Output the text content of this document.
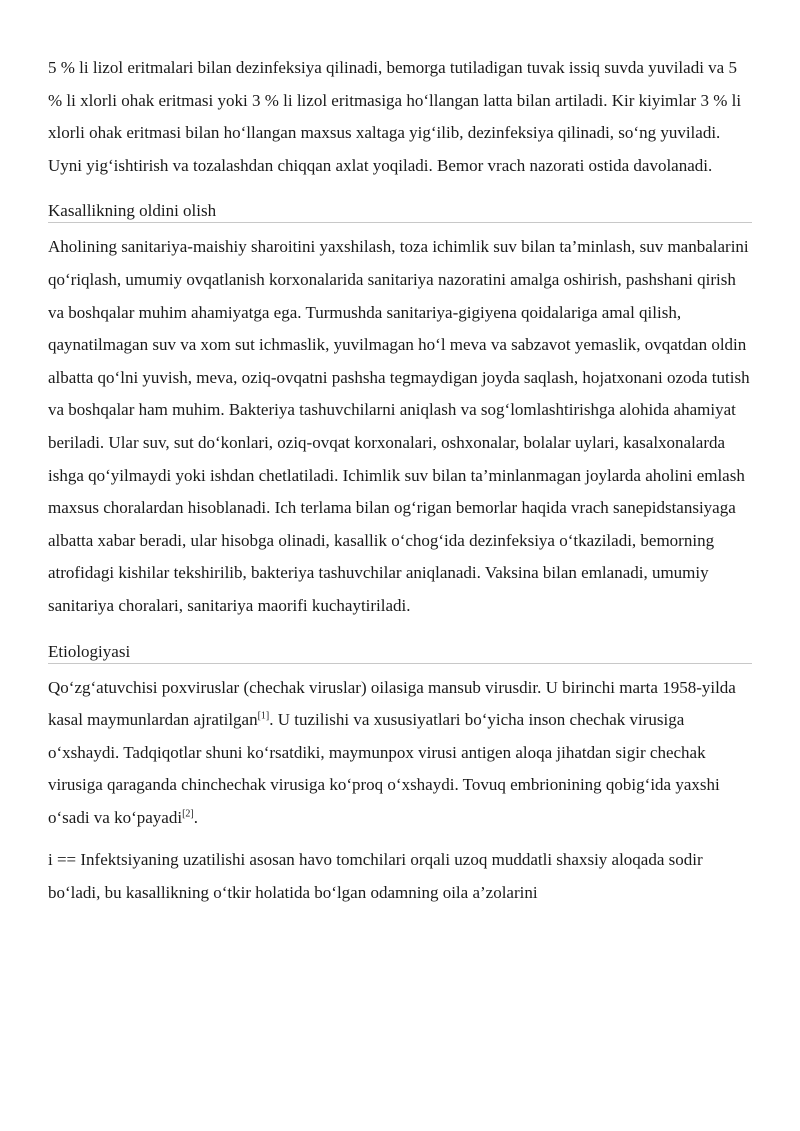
5 % li lizol eritmalari bilan dezinfeksiya qilinadi, bemorga tutiladigan tuvak issiq suvda yuviladi va 5 % li xlorli ohak eritmasi yoki 3 % li lizol eritmasiga ho‘llangan latta bilan artiladi. Kir kiyimlar 3 % li xlorli ohak eritmasi bilan ho‘llangan maxsus xaltaga yig‘ilib, dezinfeksiya qilinadi, so‘ng yuviladi. Uyni yig‘ishtirish va tozalashdan chiqqan axlat yoqiladi. Bemor vrach nazorati ostida davolanadi.

Kasallikning oldini olish

Aholining sanitariya-maishiy sharoitini yaxshilash, toza ichimlik suv bilan ta’minlash, suv manbalarini qo‘riqlash, umumiy ovqatlanish korxonalarida sanitariya nazoratini amalga oshirish, pashshani qirish va boshqalar muhim ahamiyatga ega. Turmushda sanitariya-gigiyena qoidalariga amal qilish, qaynatilmagan suv va xom sut ichmaslik, yuvilmagan ho‘l meva va sabzavot yemaslik, ovqatdan oldin albatta qo‘lni yuvish, meva, oziq-ovqatni pashsha tegmaydigan joyda saqlash, hojatxonani ozoda tutish va boshqalar ham muhim. Bakteriya tashuvchilarni aniqlash va sog‘lomlashtirishga alohida ahamiyat beriladi. Ular suv, sut do‘konlari, oziq-ovqat korxonalari, oshxonalar, bolalar uylari, kasalxonalarda ishga qo‘yilmaydi yoki ishdan chetlatiladi. Ichimlik suv bilan ta’minlanmagan joylarda aholini emlash maxsus choralardan hisoblanadi. Ich terlama bilan og‘rigan bemorlar haqida vrach sanepidstansiyaga albatta xabar beradi, ular hisobga olinadi, kasallik o‘chog‘ida dezinfeksiya o‘tkaziladi, bemorning atrofidagi kishilar tekshirilib, bakteriya tashuvchilar aniqlanadi. Vaksina bilan emlanadi, umumiy sanitariya choralari, sanitariya maorifi kuchaytiriladi.

Etiologiyasi

Qo‘zg‘atuvchisi poxviruslar (chechak viruslar) oilasiga mansub virusdir. U birinchi marta 1958-yilda kasal maymunlardan ajratilgan[1]. U tuzilishi va xususiyatlari bo‘yicha inson chechak virusiga o‘xshaydi. Tadqiqotlar shuni ko‘rsatdiki, maymunpox virusi antigen aloqa jihatdan sigir chechak virusiga qaraganda chinchechak virusiga ko‘proq o‘xshaydi. Tovuq embrionining qobig‘ida yaxshi o‘sadi va ko‘payadi[2].

i == Infektsiyaning uzatilishi asosan havo tomchilari orqali uzoq muddatli shaxsiy aloqada sodir bo‘ladi, bu kasallikning o‘tkir holatida bo‘lgan odamning oila a’zolarini
